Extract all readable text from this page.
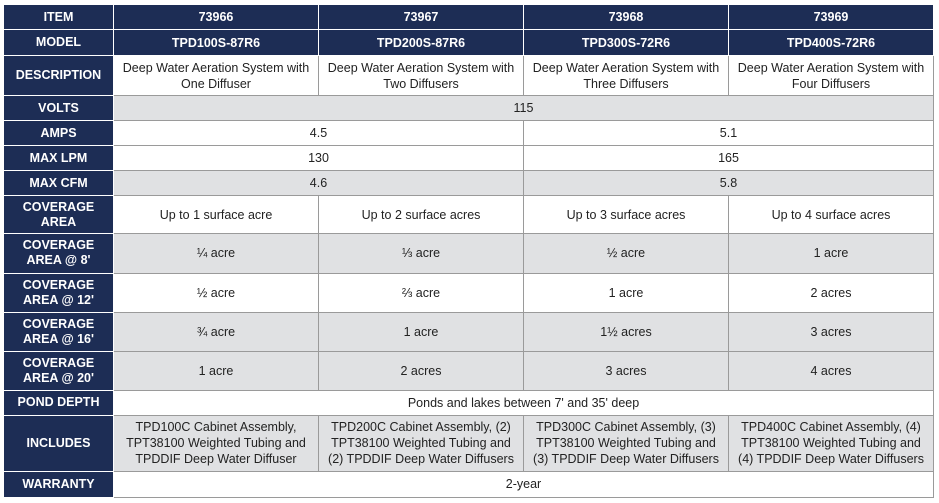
ITEM	73966	73967	73968	73969
MODEL	TPD100S-87R6	TPD200S-87R6	TPD300S-72R6	TPD400S-72R6
DESCRIPTION	Deep Water Aeration System with One Diffuser	Deep Water Aeration System with Two Diffusers	Deep Water Aeration System with Three Diffusers	Deep Water Aeration System with Four Diffusers
VOLTS	115			
AMPS	4.5		5.1	
MAX LPM	130		165	
MAX CFM	4.6		5.8	
COVERAGE AREA	Up to 1 surface acre	Up to 2 surface acres	Up to 3 surface acres	Up to 4 surface acres
COVERAGE AREA @ 8'	¼ acre	⅓ acre	½ acre	1 acre
COVERAGE AREA @ 12'	½ acre	⅔ acre	1 acre	2 acres
COVERAGE AREA @ 16'	¾ acre	1 acre	1½ acres	3 acres
COVERAGE AREA @ 20'	1 acre	2 acres	3 acres	4 acres
POND DEPTH	Ponds and lakes between 7' and 35' deep			
INCLUDES	TPD100C Cabinet Assembly, TPT38100 Weighted Tubing and TPDDIF Deep Water Diffuser	TPD200C Cabinet Assembly, (2) TPT38100 Weighted Tubing and (2) TPDDIF Deep Water Diffusers	TPD300C Cabinet Assembly, (3) TPT38100 Weighted Tubing and (3) TPDDIF Deep Water Diffusers	TPD400C Cabinet Assembly, (4) TPT38100 Weighted Tubing and (4) TPDDIF Deep Water Diffusers
WARRANTY	2-year			
